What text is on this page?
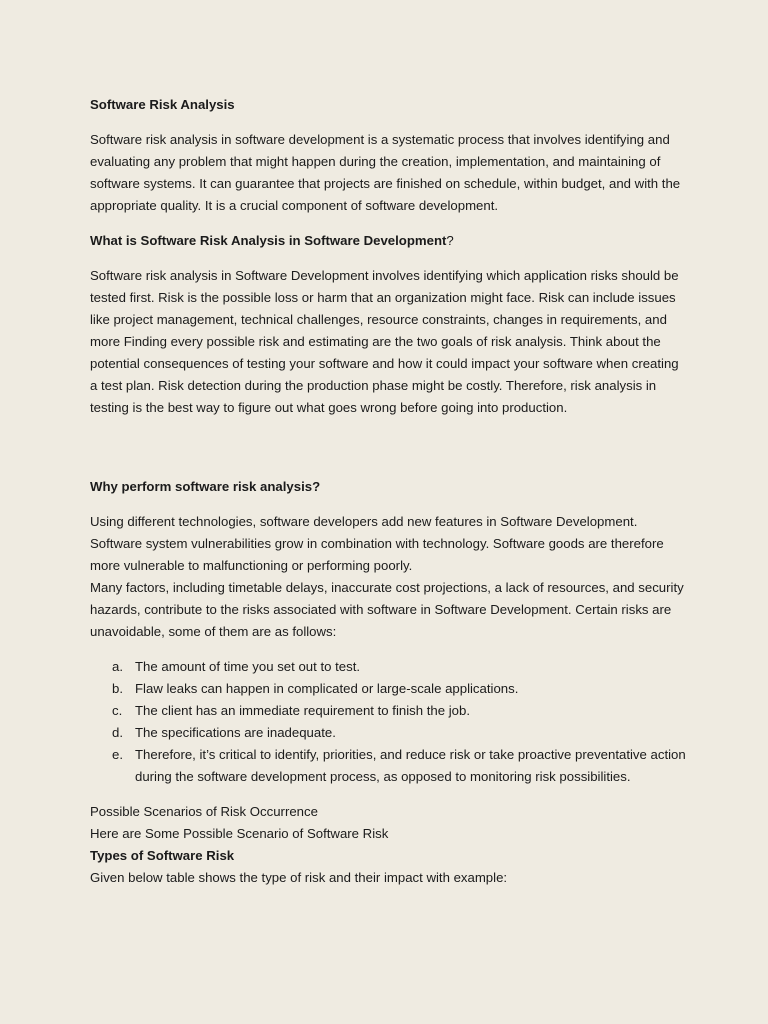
Software Risk Analysis
Software risk analysis in software development is a systematic process that involves identifying and evaluating any problem that might happen during the creation, implementation, and maintaining of software systems. It can guarantee that projects are finished on schedule, within budget, and with the appropriate quality. It is a crucial component of software development.
What is Software Risk Analysis in Software Development?
Software risk analysis in Software Development involves identifying which application risks should be tested first. Risk is the possible loss or harm that an organization might face. Risk can include issues like project management, technical challenges, resource constraints, changes in requirements, and more Finding every possible risk and estimating are the two goals of risk analysis. Think about the potential consequences of testing your software and how it could impact your software when creating a test plan. Risk detection during the production phase might be costly. Therefore, risk analysis in testing is the best way to figure out what goes wrong before going into production.
Why perform software risk analysis?
Using different technologies, software developers add new features in Software Development. Software system vulnerabilities grow in combination with technology. Software goods are therefore more vulnerable to malfunctioning or performing poorly.
Many factors, including timetable delays, inaccurate cost projections, a lack of resources, and security hazards, contribute to the risks associated with software in Software Development. Certain risks are unavoidable, some of them are as follows:
a. The amount of time you set out to test.
b. Flaw leaks can happen in complicated or large-scale applications.
c. The client has an immediate requirement to finish the job.
d. The specifications are inadequate.
e. Therefore, it’s critical to identify, priorities, and reduce risk or take proactive preventative action during the software development process, as opposed to monitoring risk possibilities.
Possible Scenarios of Risk Occurrence
Here are Some Possible Scenario of Software Risk
Types of Software Risk
Given below table shows the type of risk and their impact with example:
